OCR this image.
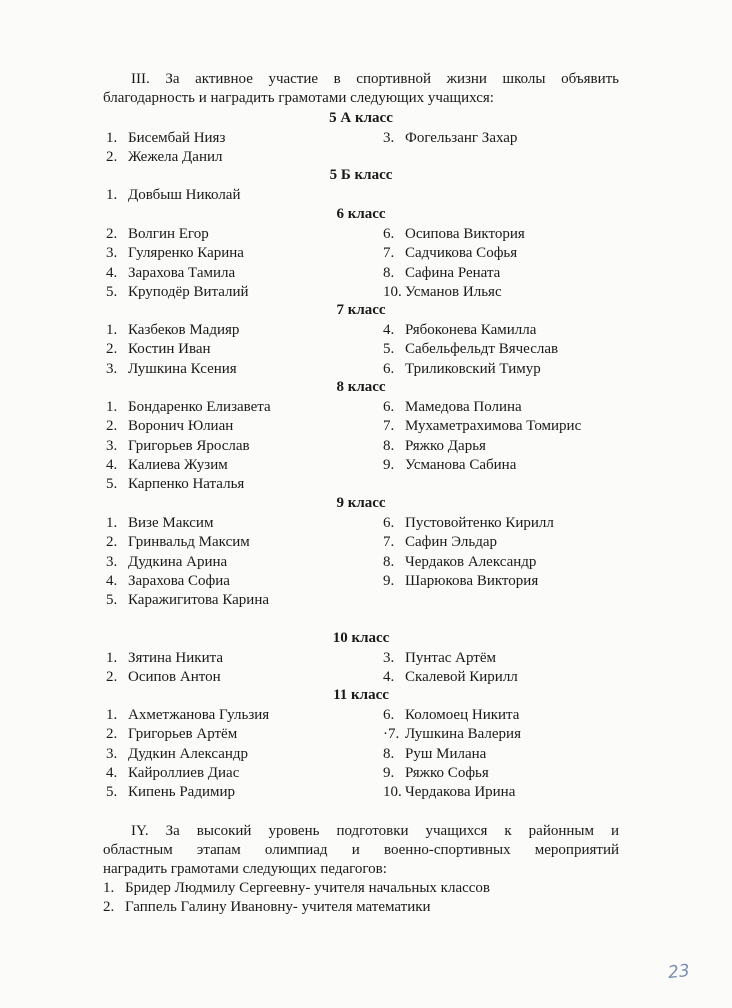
III. За активное участие в спортивной жизни школы объявить
благодарность и наградить грамотами следующих учащихся:
5 А класс
1. Бисембай Нияз
2. Жежела Данил
3. Фогельзанг Захар
5 Б класс
1. Довбыш Николай
6 класс
2. Волгин Егор
3. Гуляренко Карина
4. Зарахова Тамила
5. Круподёр Виталий
6. Осипова Виктория
7. Садчикова Софья
8. Сафина Рената
10. Усманов Ильяс
7 класс
1. Казбеков Мадияр
2. Костин Иван
3. Лушкина Ксения
4. Рябоконева Камилла
5. Сабельфельдт Вячеслав
6. Триликовский Тимур
8 класс
1. Бондаренко Елизавета
2. Воронич Юлиан
3. Григорьев Ярослав
4. Калиева Жузим
5. Карпенко Наталья
6. Мамедова Полина
7. Мухаметрахимова Томирис
8. Ряжко Дарья
9. Усманова Сабина
9 класс
1. Визе Максим
2. Гринвальд Максим
3. Дудкина Арина
4. Зарахова Софиа
5. Каражигитова Карина
6. Пустовойтенко Кирилл
7. Сафин Эльдар
8. Чердаков Александр
9. Шарюкова Виктория
10 класс
1. Зятина Никита
2. Осипов Антон
3. Пунтас Артём
4. Скалевой Кирилл
11 класс
1. Ахметжанова Гульзия
2. Григорьев Артём
3. Дудкин Александр
4. Кайроллиев Диас
5. Кипень Радимир
6. Коломоец Никита
·7. Лушкина Валерия
8. Руш Милана
9. Ряжко Софья
10. Чердакова Ирина
IY. За высокий уровень подготовки учащихся к районным и
областным этапам олимпиад и военно-спортивных мероприятий
наградить грамотами следующих педагогов:
1. Бридер Людмилу Сергеевну- учителя начальных классов
2. Гаппель Галину Ивановну- учителя математики
23
